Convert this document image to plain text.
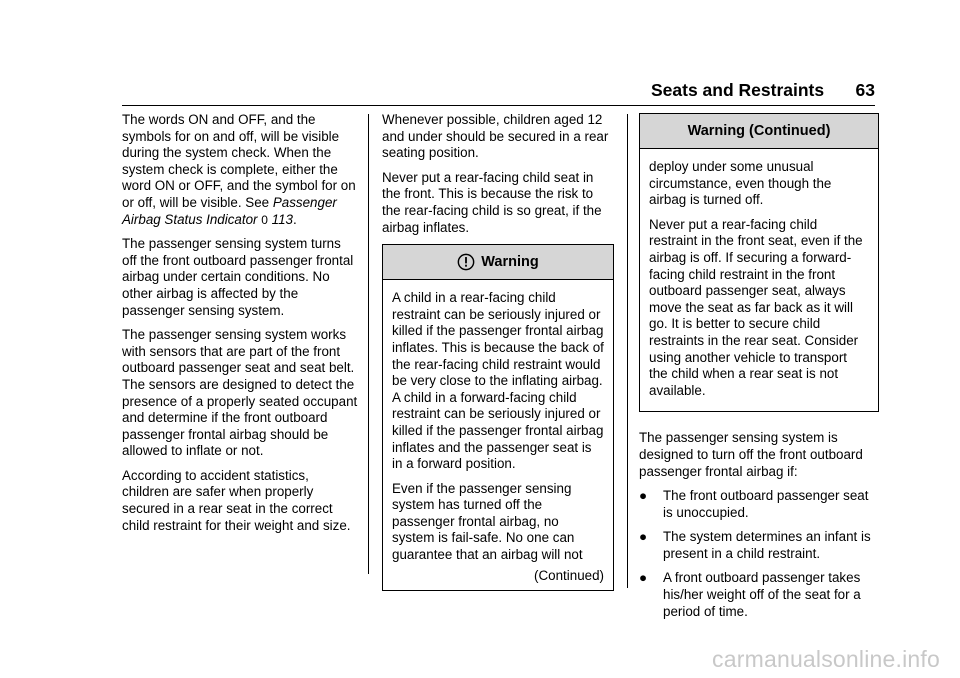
Seats and Restraints 63

The words ON and OFF, and the symbols for on and off, will be visible during the system check. When the system check is complete, either the word ON or OFF, and the symbol for on or off, will be visible. See Passenger Airbag Status Indicator 0 113.

The passenger sensing system turns off the front outboard passenger frontal airbag under certain conditions. No other airbag is affected by the passenger sensing system.

The passenger sensing system works with sensors that are part of the front outboard passenger seat and seat belt. The sensors are designed to detect the presence of a properly seated occupant and determine if the front outboard passenger frontal airbag should be allowed to inflate or not.

According to accident statistics, children are safer when properly secured in a rear seat in the correct child restraint for their weight and size.

Whenever possible, children aged 12 and under should be secured in a rear seating position.

Never put a rear-facing child seat in the front. This is because the risk to the rear-facing child is so great, if the airbag inflates.

Warning

A child in a rear-facing child restraint can be seriously injured or killed if the passenger frontal airbag inflates. This is because the back of the rear-facing child restraint would be very close to the inflating airbag. A child in a forward-facing child restraint can be seriously injured or killed if the passenger frontal airbag inflates and the passenger seat is in a forward position.

Even if the passenger sensing system has turned off the passenger frontal airbag, no system is fail-safe. No one can guarantee that an airbag will not

(Continued)
Warning (Continued)

deploy under some unusual circumstance, even though the airbag is turned off.

Never put a rear-facing child restraint in the front seat, even if the airbag is off. If securing a forward-facing child restraint in the front outboard passenger seat, always move the seat as far back as it will go. It is better to secure child restraints in the rear seat. Consider using another vehicle to transport the child when a rear seat is not available.

The passenger sensing system is designed to turn off the front outboard passenger frontal airbag if:

● The front outboard passenger seat is unoccupied.
● The system determines an infant is present in a child restraint.
● A front outboard passenger takes his/her weight off of the seat for a period of time.
carmanualsonline.info
